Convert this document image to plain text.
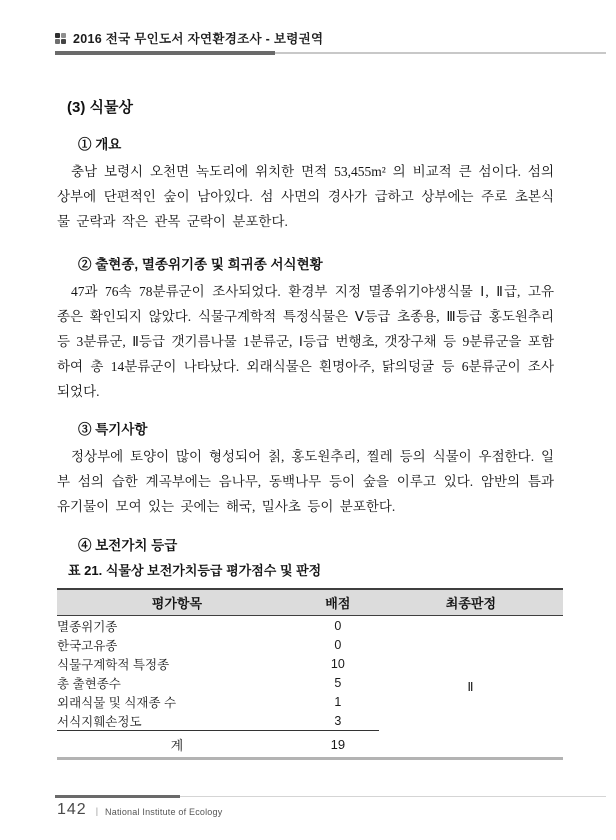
2016 전국 무인도서 자연환경조사 - 보령권역
(3) 식물상
① 개요

충남 보령시 오천면 녹도리에 위치한 면적 53,455m² 의 비교적 큰 섬이다. 섬의 상부에 단편적인 숲이 남아있다. 섬 사면의 경사가 급하고 상부에는 주로 초본식물 군락과 작은 관목 군락이 분포한다.

② 출현종, 멸종위기종 및 희귀종 서식현황

47과 76속 78분류군이 조사되었다. 환경부 지정 멸종위기야생식물 Ⅰ, Ⅱ급, 고유종은 확인되지 않았다. 식물구계학적 특정식물은 Ⅴ등급 초종용, Ⅲ등급 홍도원추리 등 3분류군, Ⅱ등급 갯기름나물 1분류군, Ⅰ등급 번행초, 갯장구채 등 9분류군을 포함하여 총 14분류군이 나타났다. 외래식물은 흰명아주, 닭의덩굴 등 6분류군이 조사되었다.

③ 특기사항

정상부에 토양이 많이 형성되어 칡, 홍도원추리, 찔레 등의 식물이 우점한다. 일부 섬의 습한 계곡부에는 음나무, 동백나무 등이 숲을 이루고 있다. 암반의 틈과 유기물이 모여 있는 곳에는 해국, 밀사초 등이 분포한다.

④ 보전가치 등급
표 21. 식물상 보전가치등급 평가점수 및 판정
평가항목	배점	최종판정
멸종위기종	0	Ⅱ
한국고유종	0	
식물구계학적 특정종	10	
총 출현종수	5	
외래식물 및 식재종 수	1	
서식지훼손정도	3	
계	19	
142 | National Institute of Ecology
